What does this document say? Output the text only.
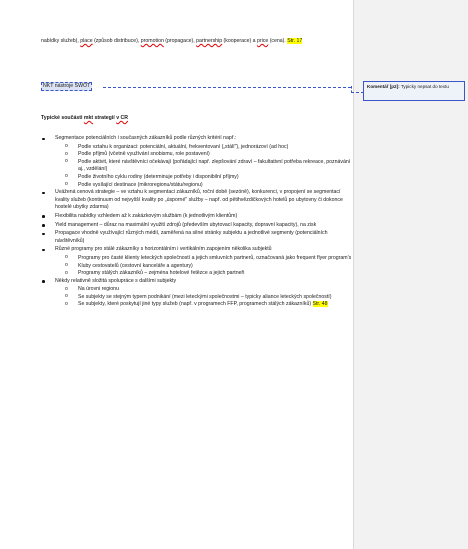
nabídky služeb), place (způsob distribuce), promotion (propagace), partnership (kooperace) a price (cena). Str. 17
NKT nástroje SWOT	Komentář [p2]: Typicky nepsat do textu
Typické součásti mkt strategií v CR
Segmentace potenciálních i současných zákazníků podle různých kritérií např.:
o Podle vztahu k organizaci: potenciální, aktuální, frekventovaní („stálí"), jednorázoví (ad hoc)
o Podle příjmů (včetně využívání snobismu, role postavení)
o Podle aktivit, které návštěvníci očekávají (pořádající např. zlepšování zdraví – fakultativní potřeba rekreace, poznávání aj., vzdělání)
o Podle životního cyklu rodiny (determinuje potřeby i disponibilní příjmy)
o Podle vysílající destinace (mikroregionu/státu/regionu)
Uvážená cenová strategie – ve vztahu k segmentaci zákazníků, roční době (sezóně), konkurenci, v propojení se segmentací kvality služeb (kontinuum od nejvyšší kvality po „úsporné" služby – např. od pětihvězdičkových hotelů po ubytovny či dokonce hostelé ubytky zdarma)
Flexibilita nabídky vzhledem až k zakázkovým službám (k jednotlivým klientům)
Yield management – důraz na maximální využití zdrojů (především ubytovací kapacity, dopravní kapacity), na zisk
Propagace vhodně využívající různých médií, zaměřená na silné stránky subjektu a jednotlivé segmenty (potenciálních návštěvníků)
Různé programy pro stálé zákazníky s horizontálním i vertikálním zapojením několika subjektů
o Programy pro časté klienty leteckých společností a jejich smluvních partnerů, označovaná jako frequent flyer program's
o Kluby cestovatelů (cestovní kanceláře a agentury)
o Programy stálých zákazníků – zejména hotelové řetězce a jejich partneři
Někdy relativně složitá spolupráce s dalšími subjekty
o Na úrovni regionu
o Se subjekty se stejným typem podnikání (mezi leteckými společnostmi – typicky aliance leteckých společností)
o Se subjekty, které poskytují jiné typy služeb (např. v programech FFP, programech stálých zákazníků) Str. 48
